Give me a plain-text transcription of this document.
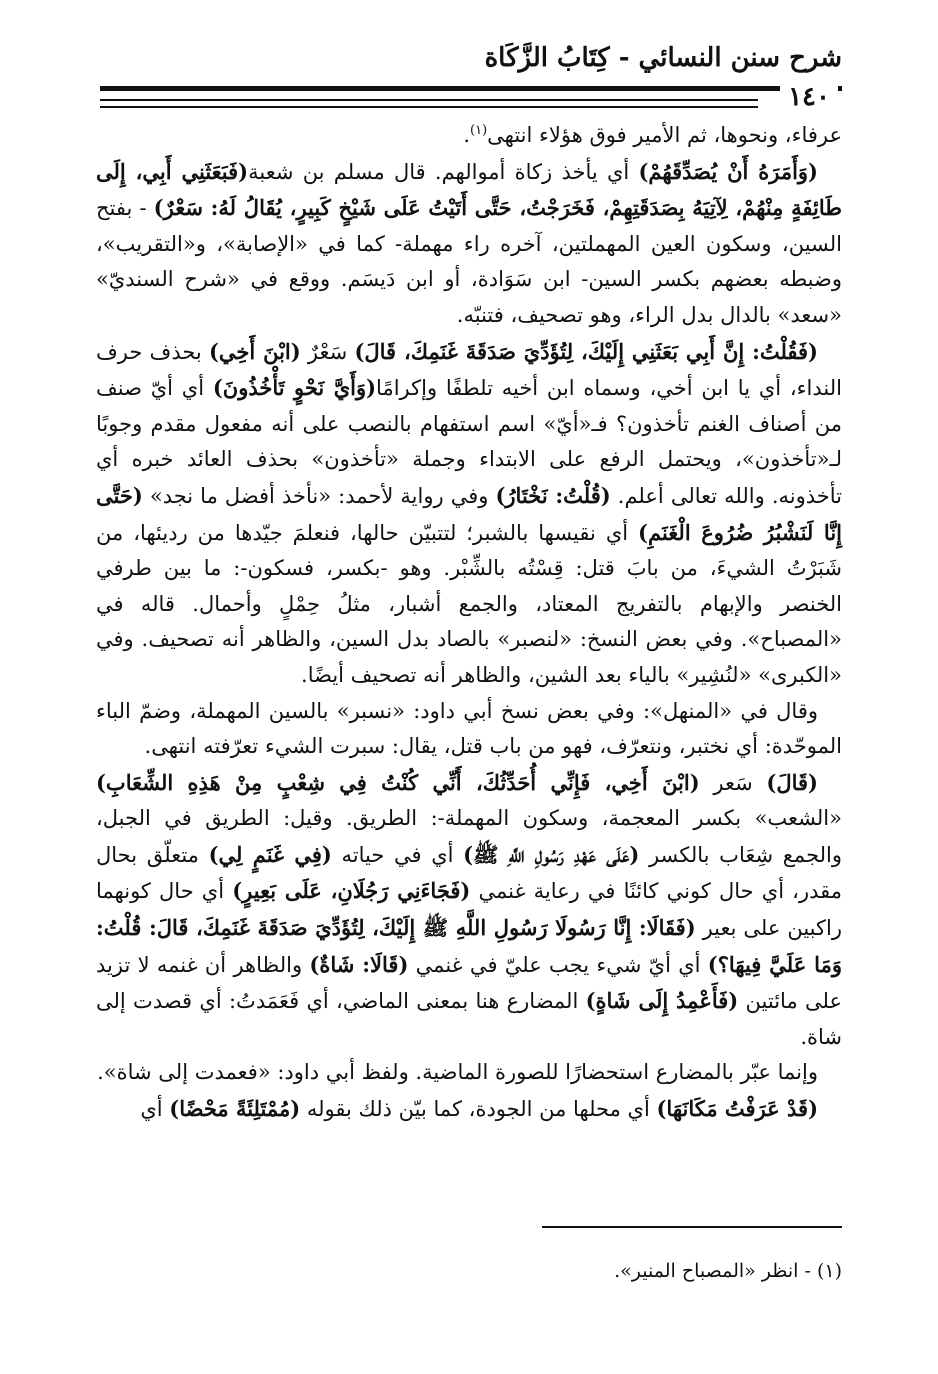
شرح سنن النسائي - كِتَابُ الزَّكَاة
١٤٠

عرفاء، ونحوها، ثم الأمير فوق هؤلاء انتهى$^{(١)}$.

(وَأَمَرَهُ أَنْ يُصَدِّقَهُمْ) أي يأخذ زكاة أموالهم. قال مسلم بن شعبة(فَبَعَثَنِي أَبِي، إِلَى طَائِفَةٍ مِنْهُمْ، لِآتِيَهُ بِصَدَقَتِهِمْ، فَخَرَجْتُ، حَتَّى أَتَيْتُ عَلَى شَيْخٍ كَبِيرٍ، يُقَالُ لَهُ: سَعْرٌ) - بفتح السين، وسكون العين المهملتين، آخره راء مهملة- كما في «الإصابة»، و«التقريب»، وضبطه بعضهم بكسر السين- ابن سَوَادة، أو ابن دَيسَم. ووقع في «شرح السنديّ» «سعد» بالدال بدل الراء، وهو تصحيف، فتنبّه.

(فَقُلْتُ: إِنَّ أَبِي بَعَثَنِي إِلَيْكَ، لِتُؤَدِّيَ صَدَقَةَ غَنَمِكَ، قَالَ) سَعْرٌ (ابْنَ أَخِي) بحذف حرف النداء، أي يا ابن أخي، وسماه ابن أخيه تلطفًا وإكرامًا(وَأَيَّ نَحْوٍ تَأْخُذُونَ) أي أيّ صنف من أصناف الغنم تأخذون؟ فـ«أيّ» اسم استفهام بالنصب على أنه مفعول مقدم وجوبًا لـ«تأخذون»، ويحتمل الرفع على الابتداء وجملة «تأخذون» بحذف العائد خبره أي تأخذونه. والله تعالى أعلم. (قُلْتُ: نَخْتَارُ) وفي رواية لأحمد: «نأخذ أفضل ما نجد» (حَتَّى إِنَّا لَنَشْبُرُ ضُرُوعَ الْغَنَمِ) أي نقيسها بالشبر؛ لتتبيّن حالها، فنعلمَ جيّدها من رديئها، من شَبَرْتُ الشيءَ، من بابَ قتل: قِسْتُه بالشِّبْر. وهو -بكسر، فسكون-: ما بين طرفي الخنصر والإبهام بالتفريج المعتاد، والجمع أشبار، مثلُ حِمْلٍ وأحمال. قاله في «المصباح». وفي بعض النسخ: «لنصبر» بالصاد بدل السين، والظاهر أنه تصحيف. وفي «الكبرى» «لنُشِير» بالياء بعد الشين، والظاهر أنه تصحيف أيضًا.

وقال في «المنهل»: وفي بعض نسخ أبي داود: «نسبر» بالسين المهملة، وضمّ الباء الموحّدة: أي نختبر، ونتعرّف، فهو من باب قتل، يقال: سبرت الشيء تعرّفته انتهى.

(قَالَ) سَعر (ابْنَ أَخِي، فَإِنِّي أُحَدِّثُكَ، أَنِّي كُنْتُ فِي شِعْبٍ مِنْ هَذِهِ الشِّعَابِ) «الشعب» بكسر المعجمة، وسكون المهملة-: الطريق. وقيل: الطريق في الجبل، والجمع شِعَاب بالكسر (عَلَى عَهْدِ رَسُولِ اللَّهِ ﷺ) أي في حياته (فِي غَنَمٍ لِي) متعلّق بحال مقدر، أي حال كوني كائنًا في رعاية غنمي (فَجَاءَنِي رَجُلَانِ، عَلَى بَعِيرٍ) أي حال كونهما راكبين على بعير (فَقَالَا: إِنَّا رَسُولَا رَسُولِ اللَّهِ ﷺ إِلَيْكَ، لِتُؤَدِّيَ صَدَقَةَ غَنَمِكَ، قَالَ: قُلْتُ: وَمَا عَلَيَّ فِيهَا؟) أي أيّ شيء يجب عليّ في غنمي (قَالَا: شَاةٌ) والظاهر أن غنمه لا تزيد على مائتين (فَأَعْمِدُ إِلَى شَاةٍ) المضارع هنا بمعنى الماضي، أي فَعَمَدتُ: أي قصدت إلى شاة.

وإنما عبّر بالمضارع استحضارًا للصورة الماضية. ولفظ أبي داود: «فعمدت إلى شاة».

(قَدْ عَرَفْتُ مَكَانَهَا) أي محلها من الجودة، كما بيّن ذلك بقوله (مُمْتَلِئَةً مَحْضًا) أي

(١) - انظر «المصباح المنير».
